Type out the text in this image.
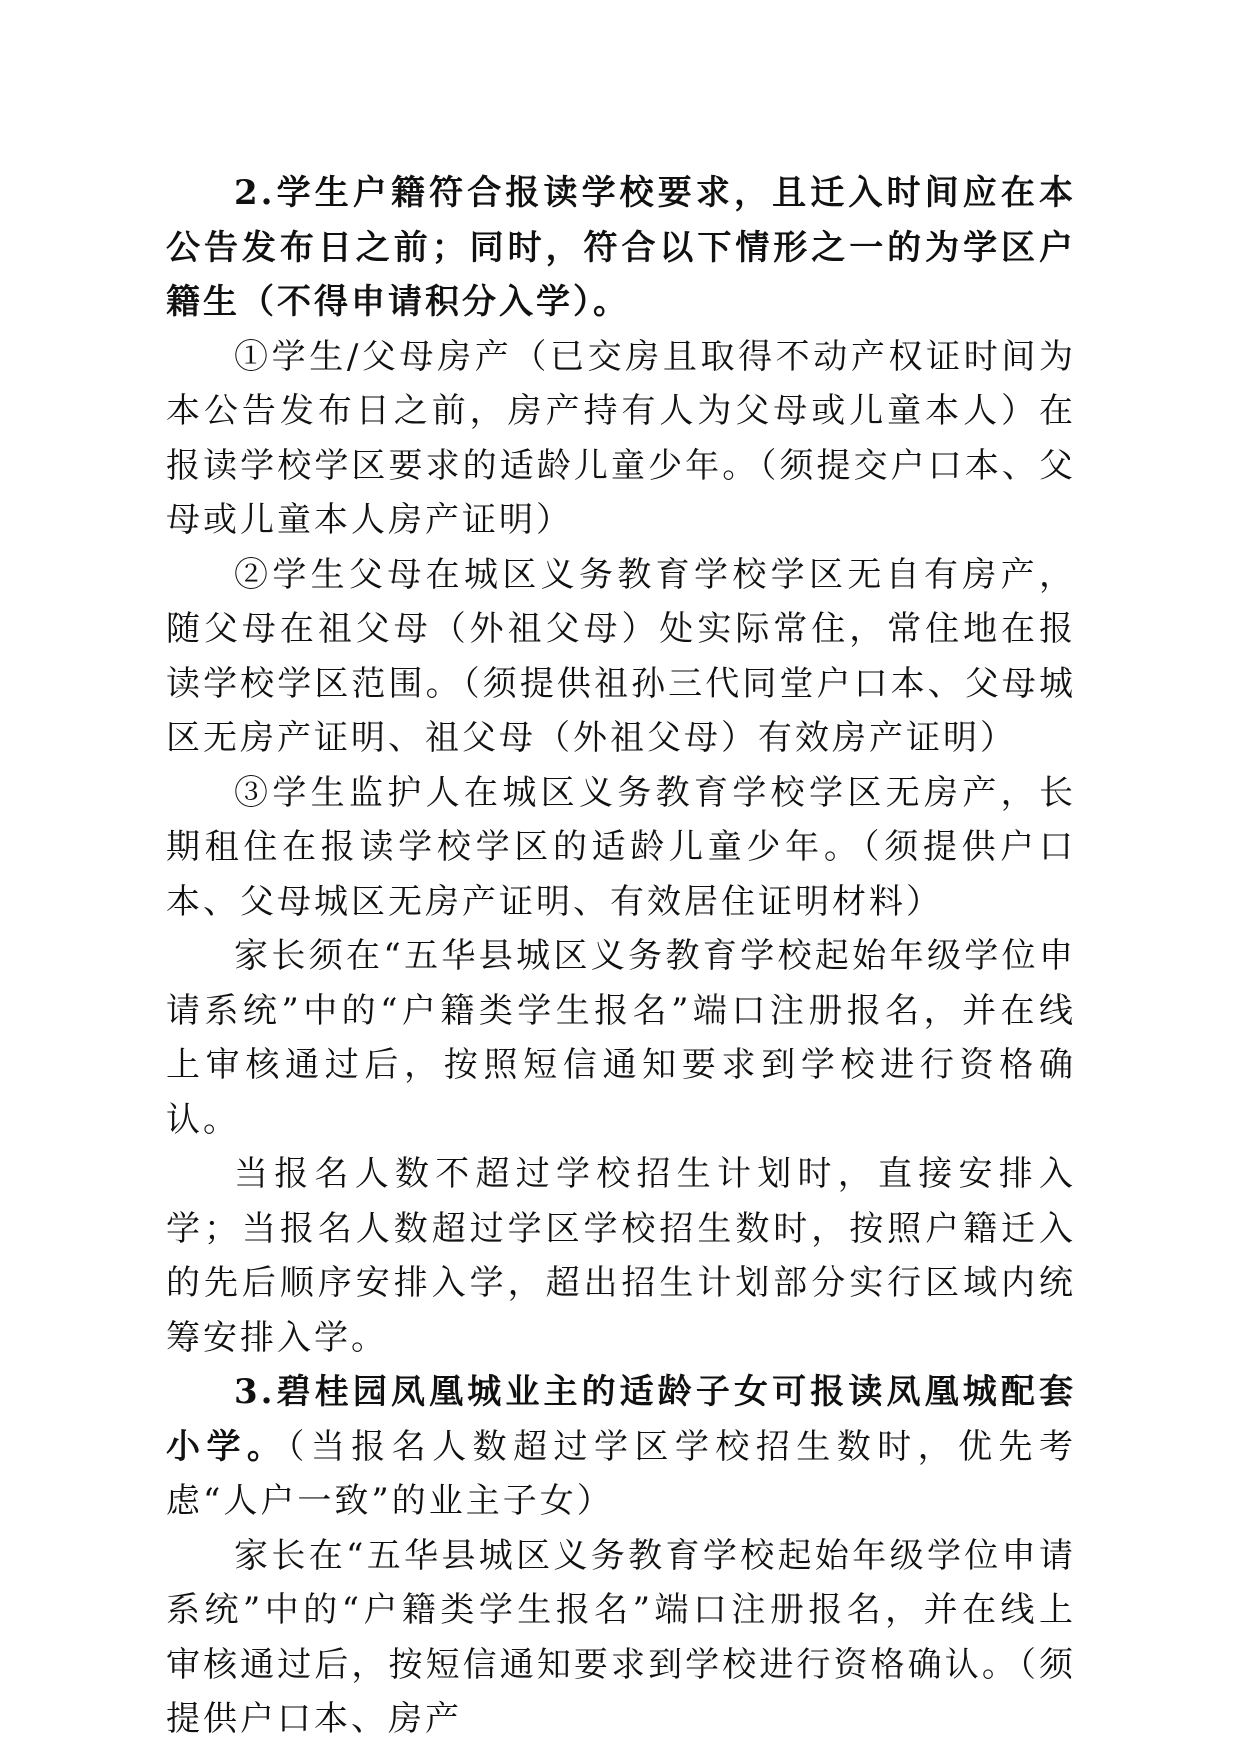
2.学生户籍符合报读学校要求，且迁入时间应在本公告发布日之前；同时，符合以下情形之一的为学区户籍生（不得申请积分入学）。

①学生/父母房产（已交房且取得不动产权证时间为本公告发布日之前，房产持有人为父母或儿童本人）在报读学校学区要求的适龄儿童少年。（须提交户口本、父母或儿童本人房产证明）

②学生父母在城区义务教育学校学区无自有房产，随父母在祖父母（外祖父母）处实际常住，常住地在报读学校学区范围。（须提供祖孙三代同堂户口本、父母城区无房产证明、祖父母（外祖父母）有效房产证明）

③学生监护人在城区义务教育学校学区无房产，长期租住在报读学校学区的适龄儿童少年。（须提供户口本、父母城区无房产证明、有效居住证明材料）

家长须在“五华县城区义务教育学校起始年级学位申请系统”中的“户籍类学生报名”端口注册报名，并在线上审核通过后，按照短信通知要求到学校进行资格确认。

当报名人数不超过学校招生计划时，直接安排入学；当报名人数超过学区学校招生数时，按照户籍迁入的先后顺序安排入学，超出招生计划部分实行区域内统筹安排入学。

3.碧桂园凤凰城业主的适龄子女可报读凤凰城配套小学。（当报名人数超过学区学校招生数时，优先考虑“人户一致”的业主子女）

家长在“五华县城区义务教育学校起始年级学位申请系统”中的“户籍类学生报名”端口注册报名，并在线上审核通过后，按短信通知要求到学校进行资格确认。（须提供户口本、房产
